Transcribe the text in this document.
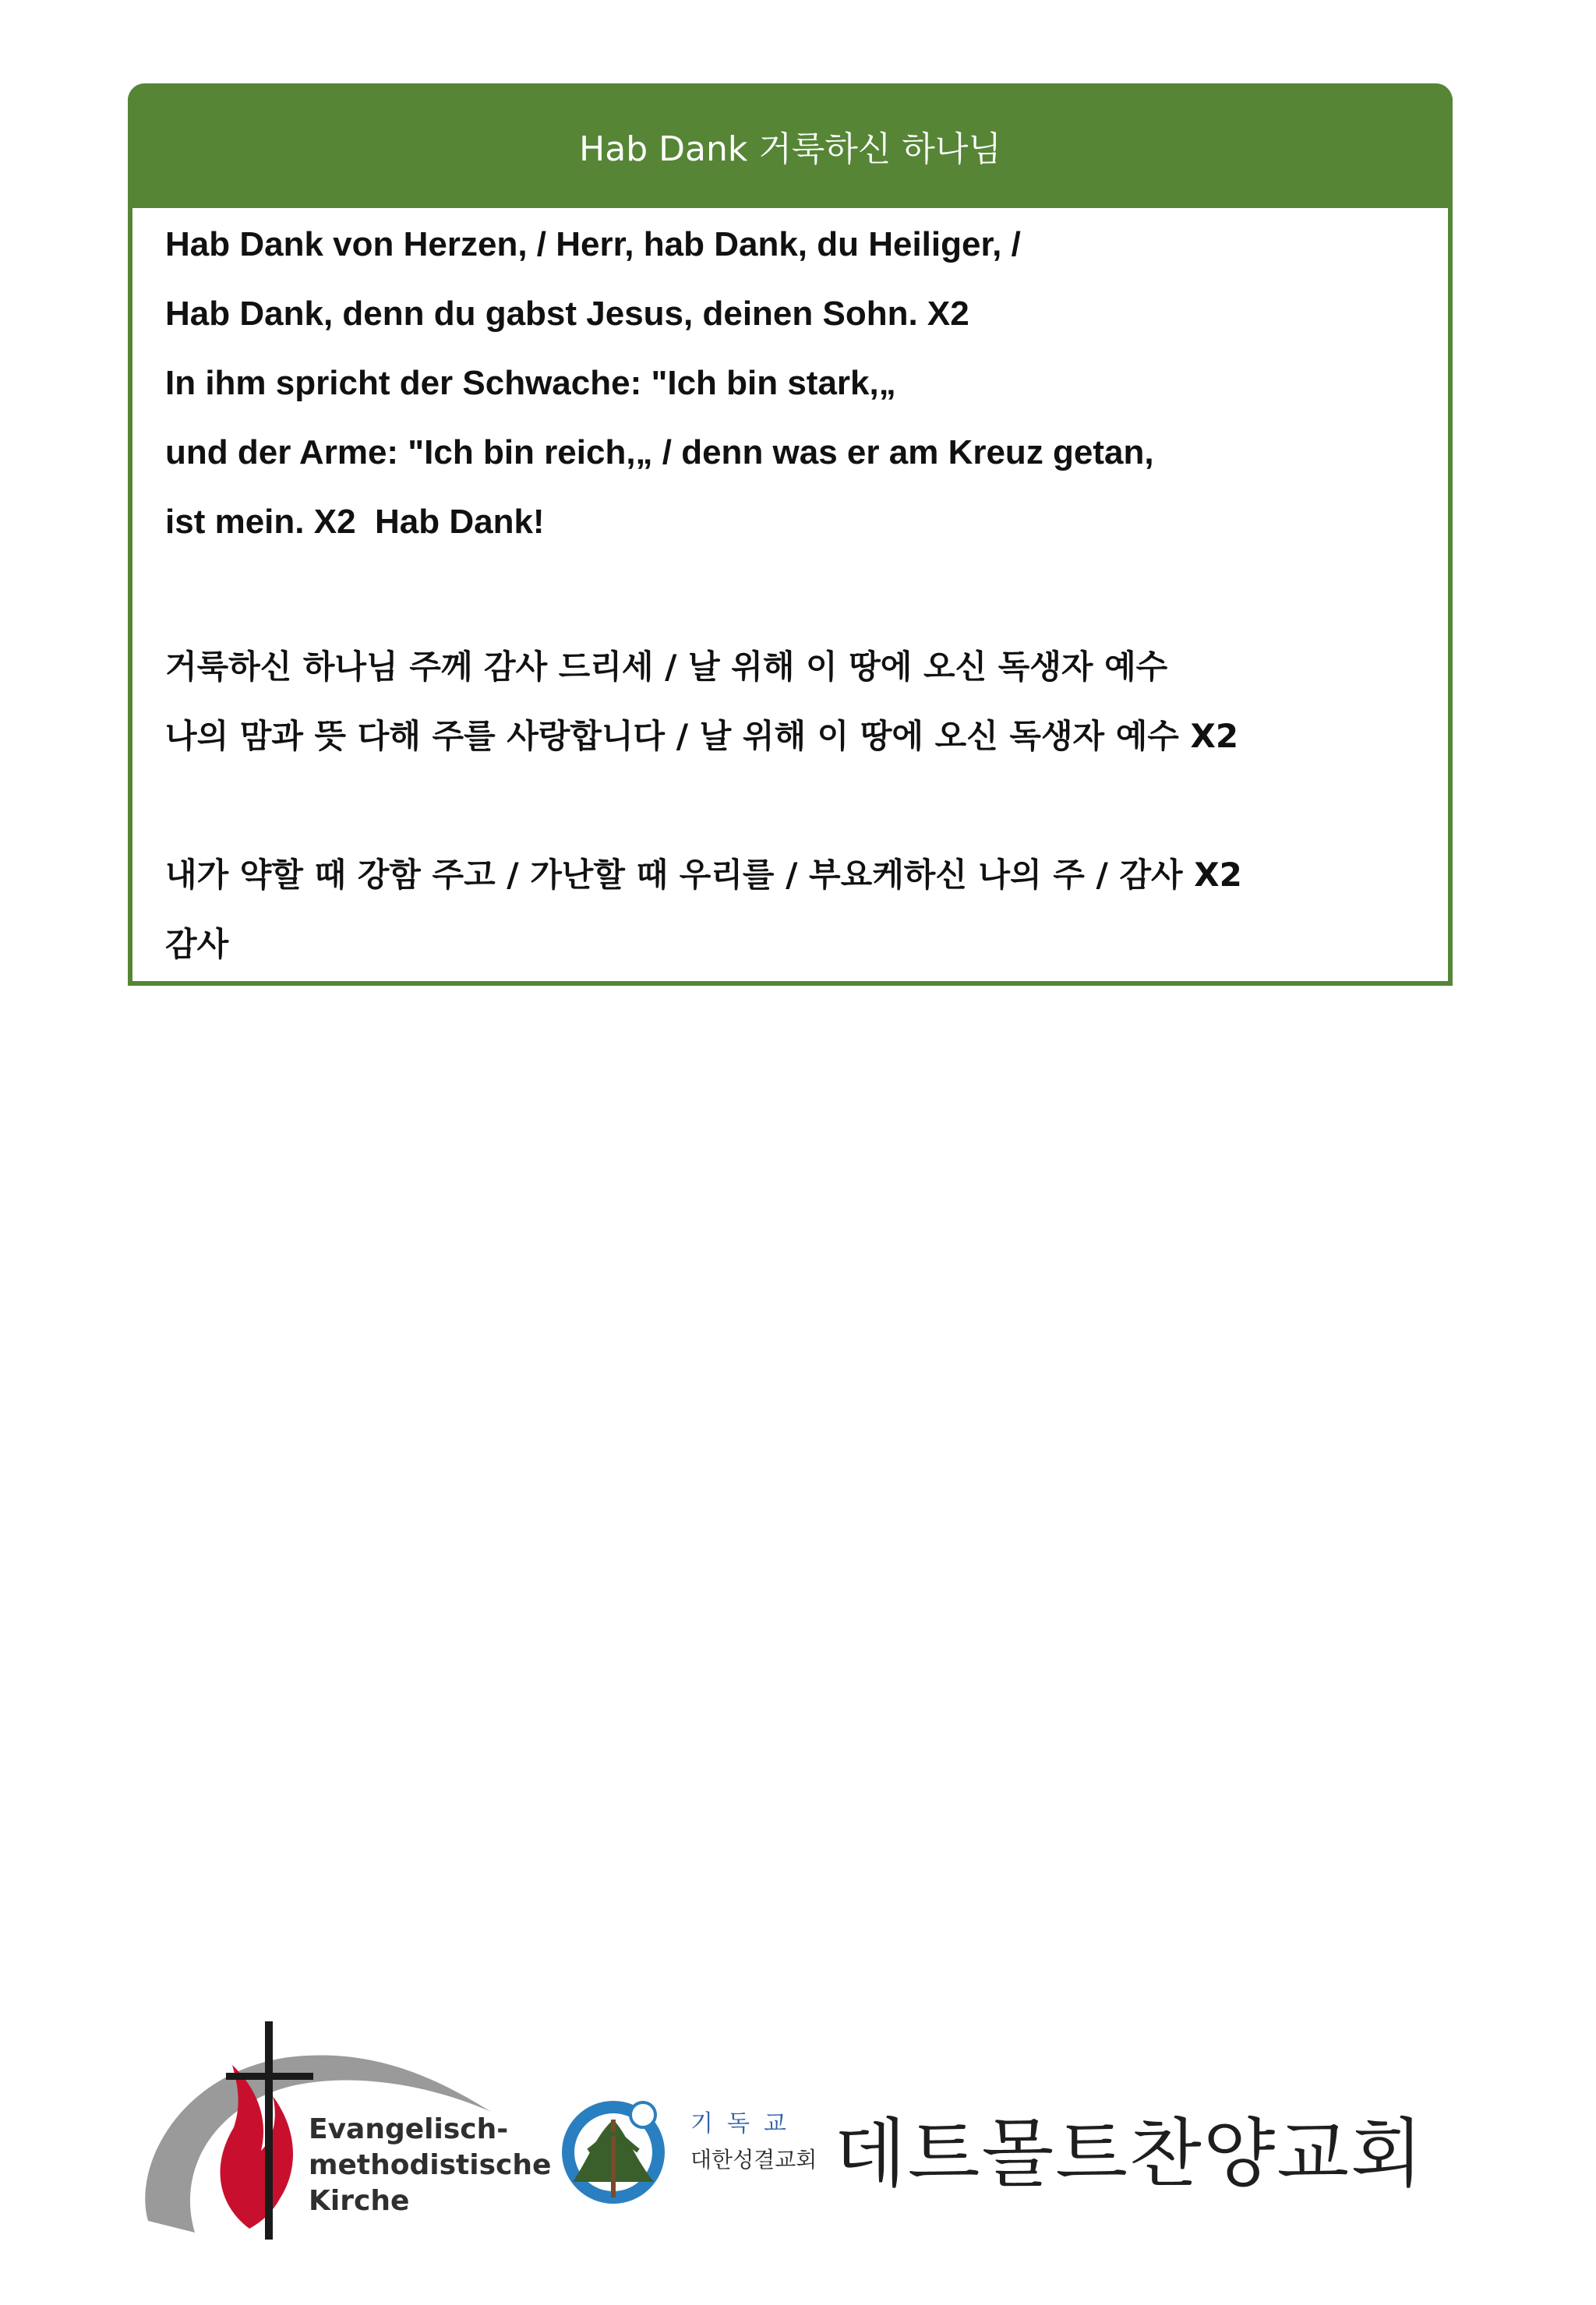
Hab Dank 거룩하신 하나님
Hab Dank von Herzen, / Herr, hab Dank, du Heiliger, /
Hab Dank, denn du gabst Jesus, deinen Sohn. X2
In ihm spricht der Schwache: "Ich bin stark,„
und der Arme: "Ich bin reich,„ / denn was er am Kreuz getan,
ist mein. X2  Hab Dank!
거룩하신 하나님 주께 감사 드리세 / 날 위해 이 땅에 오신 독생자 예수
나의 맘과 뜻 다해 주를 사랑합니다 / 날 위해 이 땅에 오신 독생자 예수 X2
내가 약할 때 강함 주고 / 가난할 때 우리를 / 부요케하신 나의 주 / 감사 X2
감사
Evangelisch-
methodistische
Kirche
기독교
대한성결교회 데트몰트찬양교회
